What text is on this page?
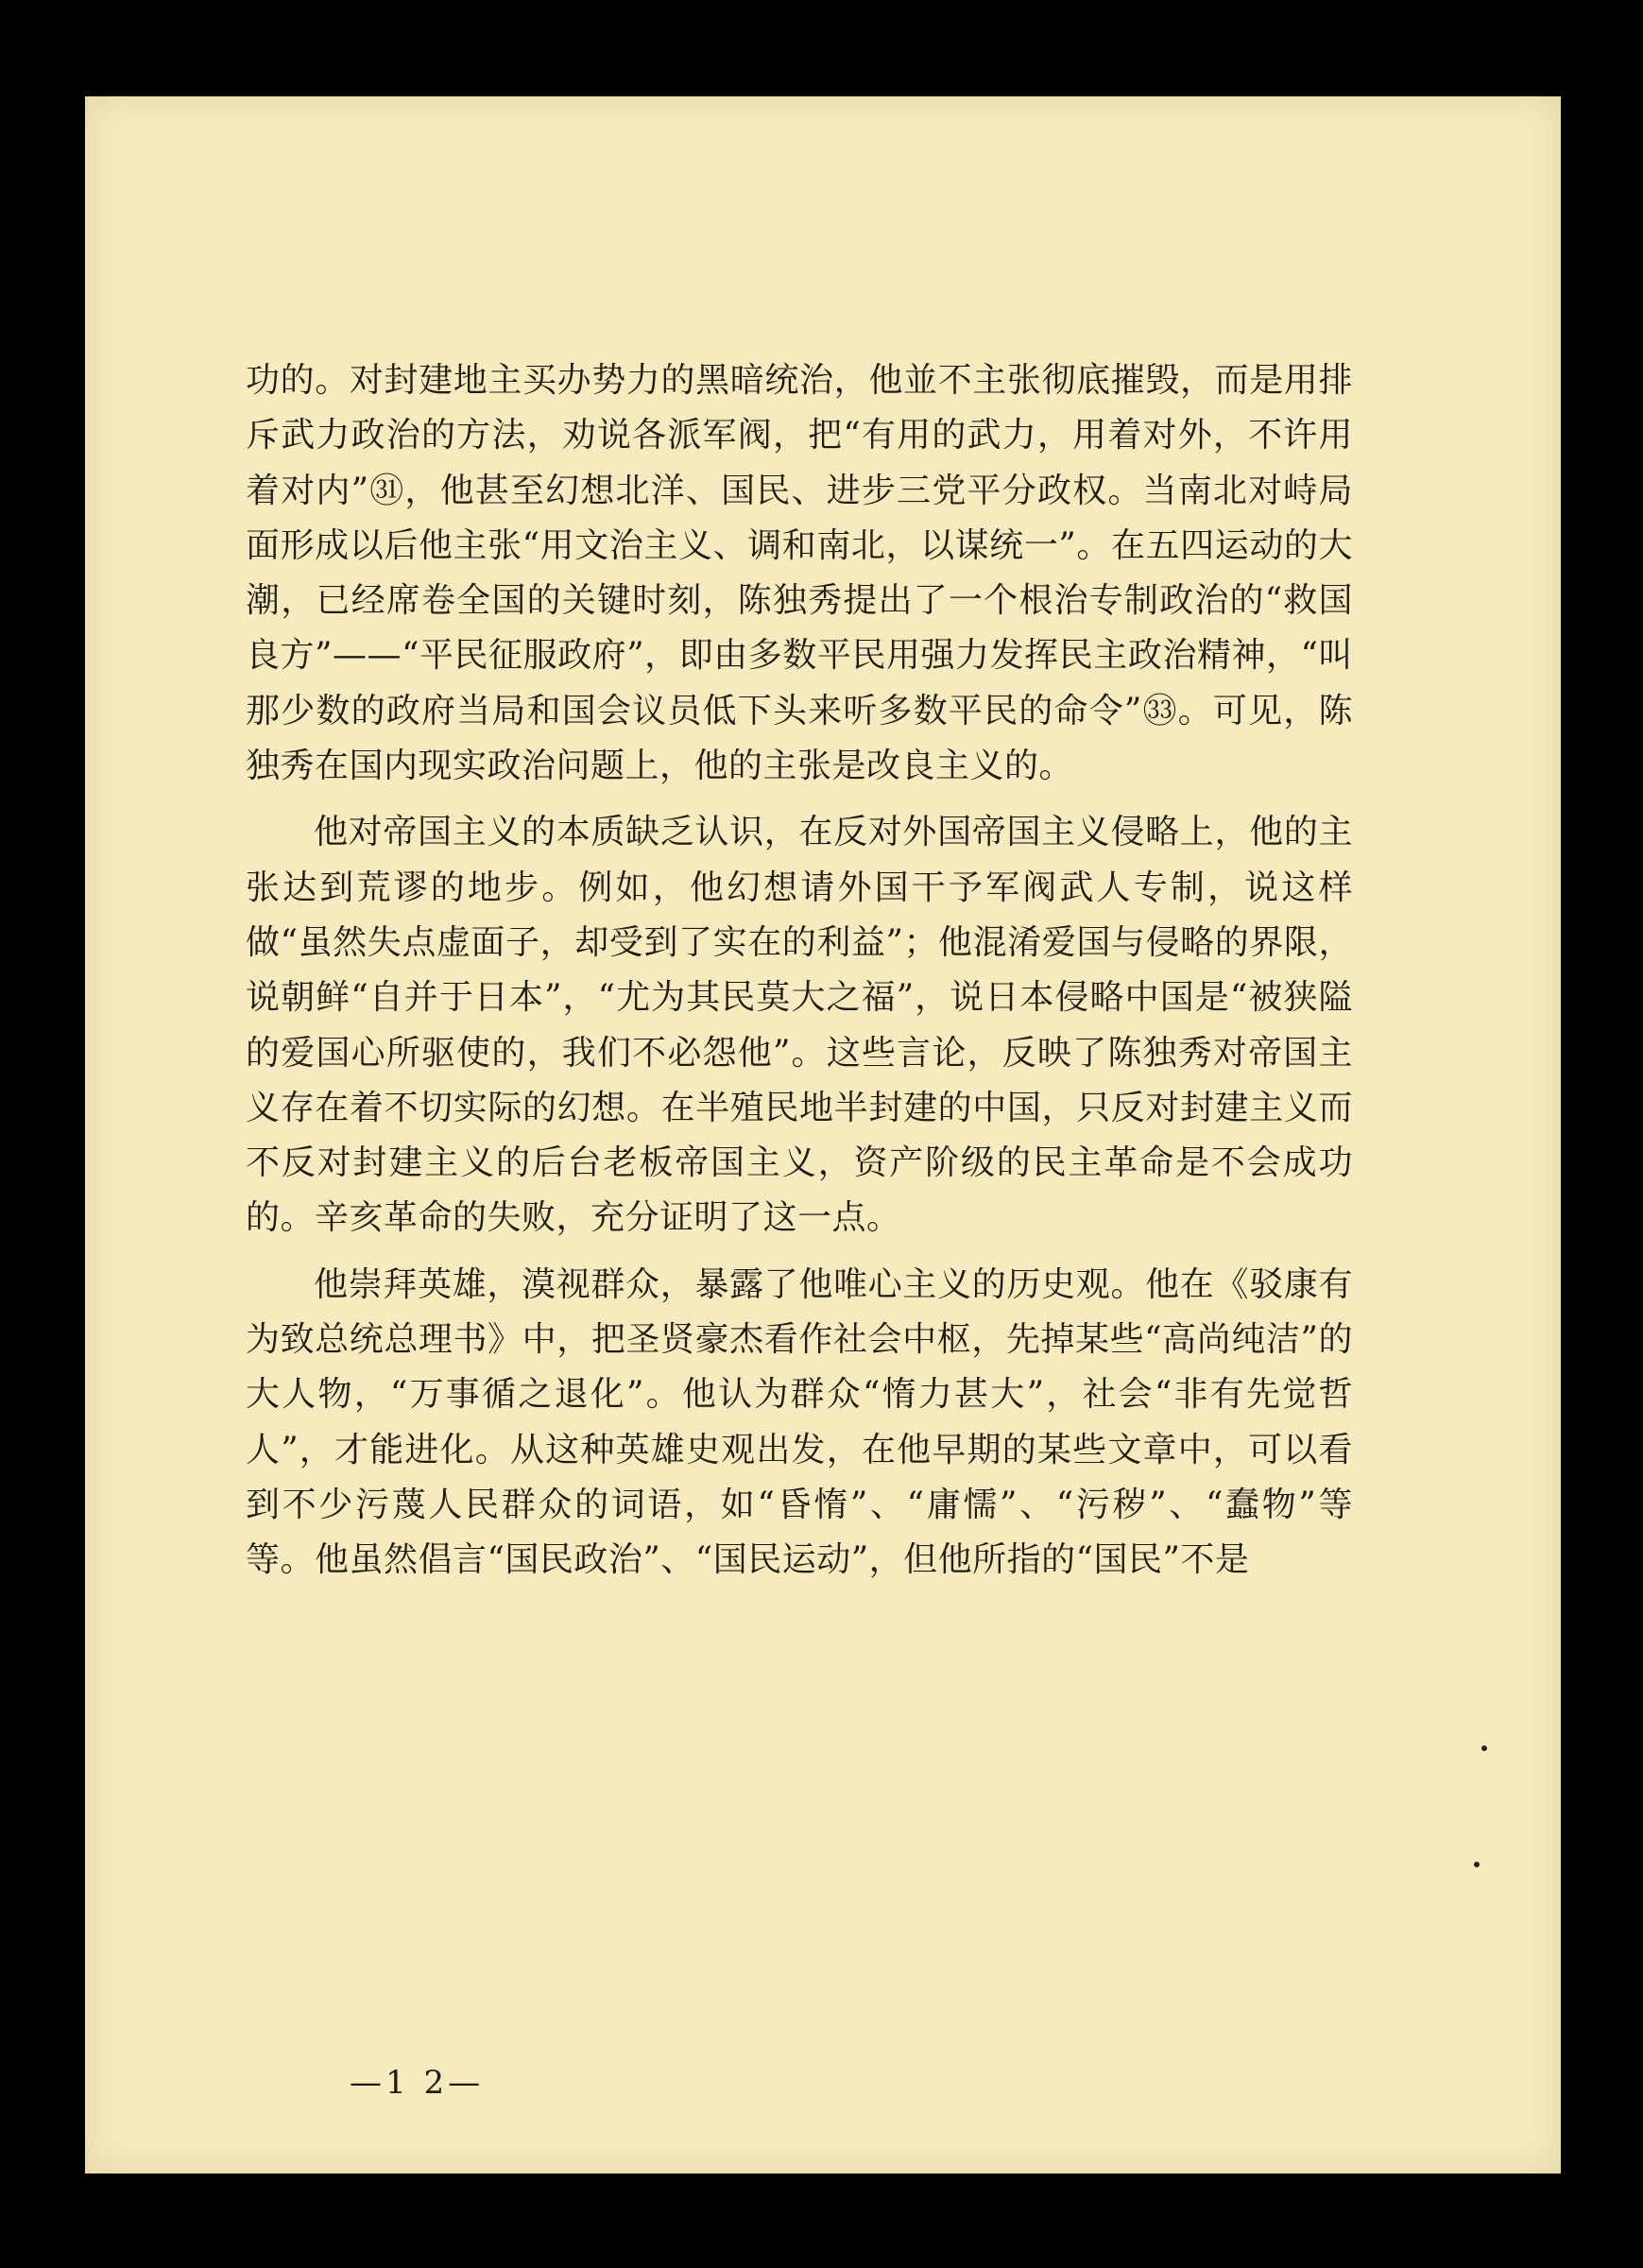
功的。对封建地主买办势力的黑暗统治，他並不主张彻底摧毁，而是用排斥武力政治的方法，劝说各派军阀，把“有用的武力，用着对外，不许用着对内”㉛，他甚至幻想北洋、国民、进步三党平分政权。当南北对峙局面形成以后他主张“用文治主义、调和南北，以谋统一”。在五四运动的大潮，已经席卷全国的关键时刻，陈独秀提出了一个根治专制政治的“救国良方”——“平民征服政府”，即由多数平民用强力发挥民主政治精神，“叫那少数的政府当局和国会议员低下头来听多数平民的命令”㉝。可见，陈独秀在国内现实政治问题上，他的主张是改良主义的。

他对帝国主义的本质缺乏认识，在反对外国帝国主义侵略上，他的主张达到荒谬的地步。例如，他幻想请外国干予军阀武人专制，说这样做“虽然失点虚面子，却受到了实在的利益”；他混淆爱国与侵略的界限，说朝鲜“自并于日本”，“尤为其民莫大之福”，说日本侵略中国是“被狭隘的爱国心所驱使的，我们不必怨他”。这些言论，反映了陈独秀对帝国主义存在着不切实际的幻想。在半殖民地半封建的中国，只反对封建主义而不反对封建主义的后台老板帝国主义，资产阶级的民主革命是不会成功的。辛亥革命的失败，充分证明了这一点。

他崇拜英雄，漠视群众，暴露了他唯心主义的历史观。他在《驳康有为致总统总理书》中，把圣贤豪杰看作社会中枢，先掉某些“高尚纯洁”的大人物，“万事循之退化”。他认为群众“惰力甚大”，社会“非有先觉哲人”，才能进化。从这种英雄史观出发，在他早期的某些文章中，可以看到不少污蔑人民群众的词语，如“昏惰”、“庸懦”、“污秽”、“蠢物”等等。他虽然倡言“国民政治”、“国民运动”，但他所指的“国民”不是

—1 2—
